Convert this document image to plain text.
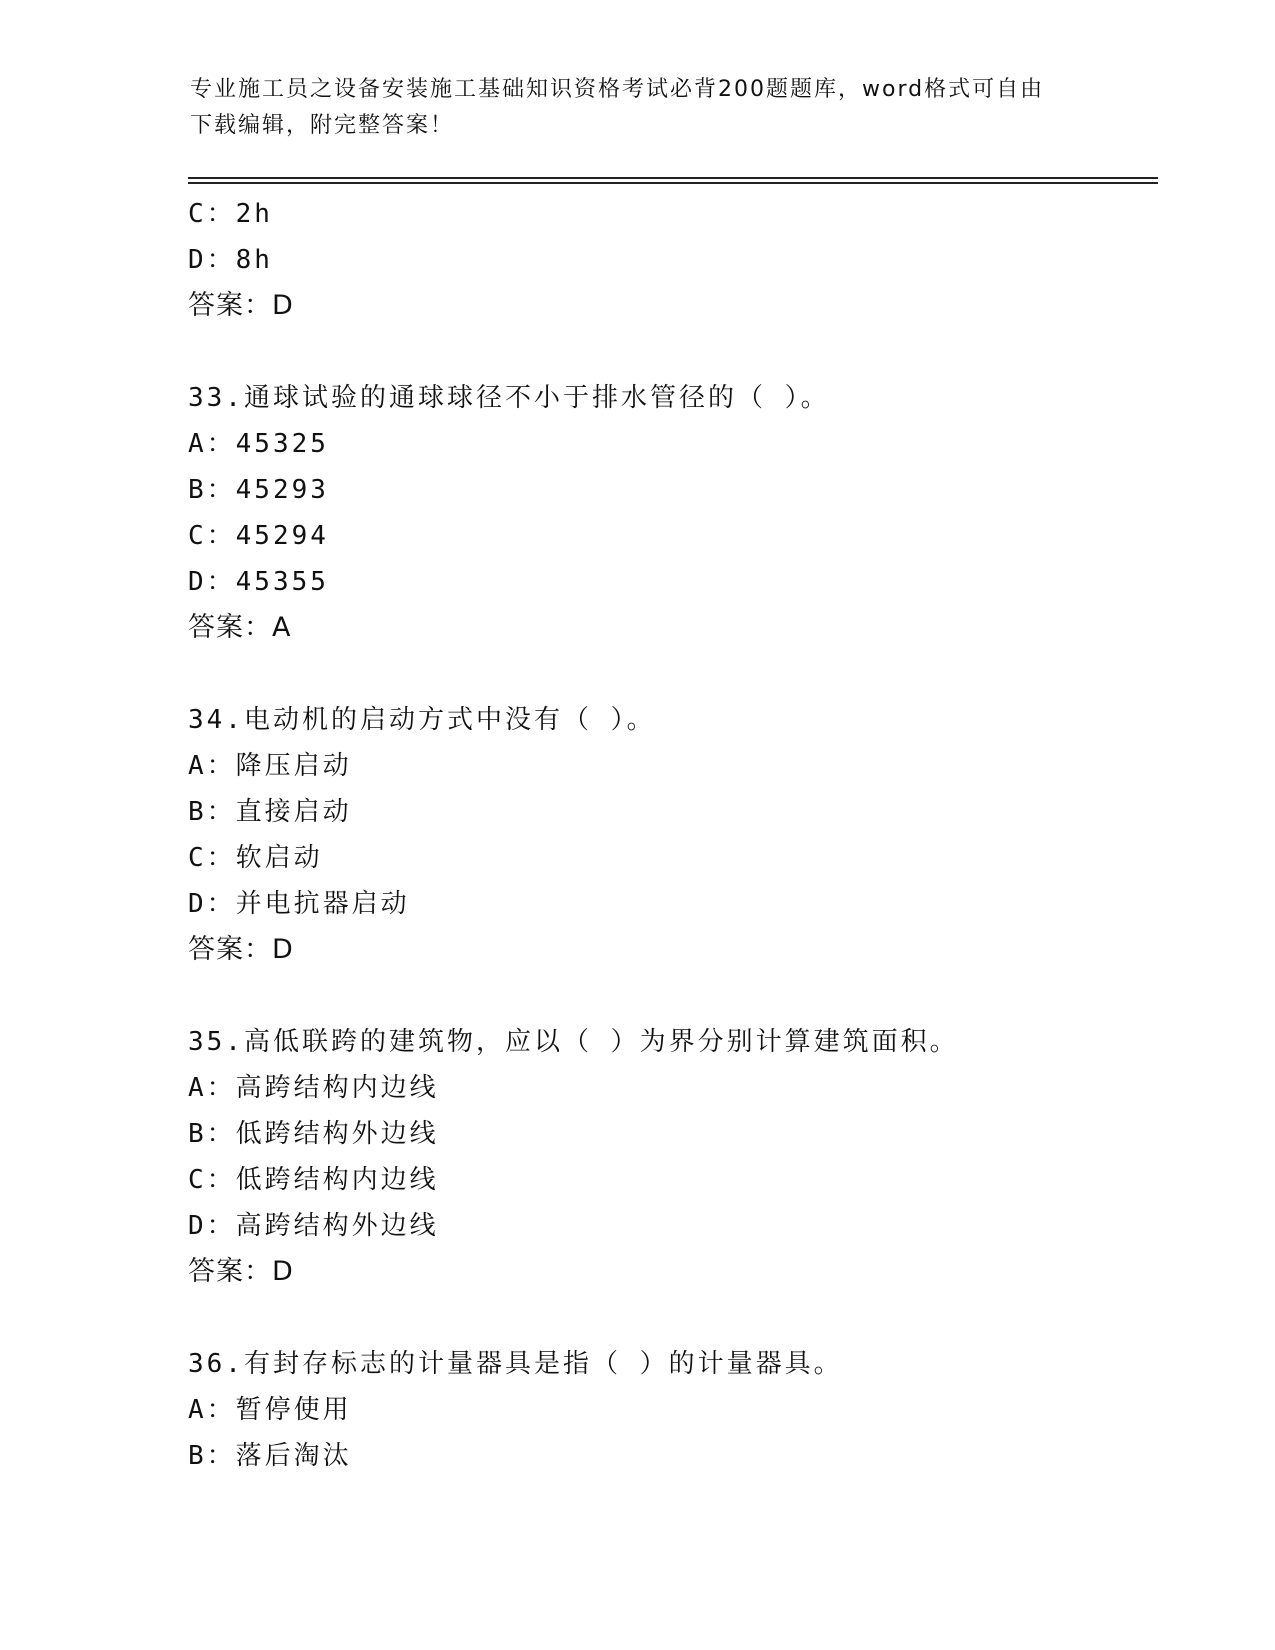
专业施工员之设备安装施工基础知识资格考试必背200题题库，word格式可自由
下载编辑，附完整答案！
C：2h
D：8h
答案：D
33.通球试验的通球球径不小于排水管径的（ ）。
A：45325
B：45293
C：45294
D：45355
答案：A
34.电动机的启动方式中没有（ ）。
A：降压启动
B：直接启动
C：软启动
D：并电抗器启动
答案：D
35.高低联跨的建筑物，应以（ ）为界分别计算建筑面积。
A：高跨结构内边线
B：低跨结构外边线
C：低跨结构内边线
D：高跨结构外边线
答案：D
36.有封存标志的计量器具是指（ ）的计量器具。
A：暂停使用
B：落后淘汰
